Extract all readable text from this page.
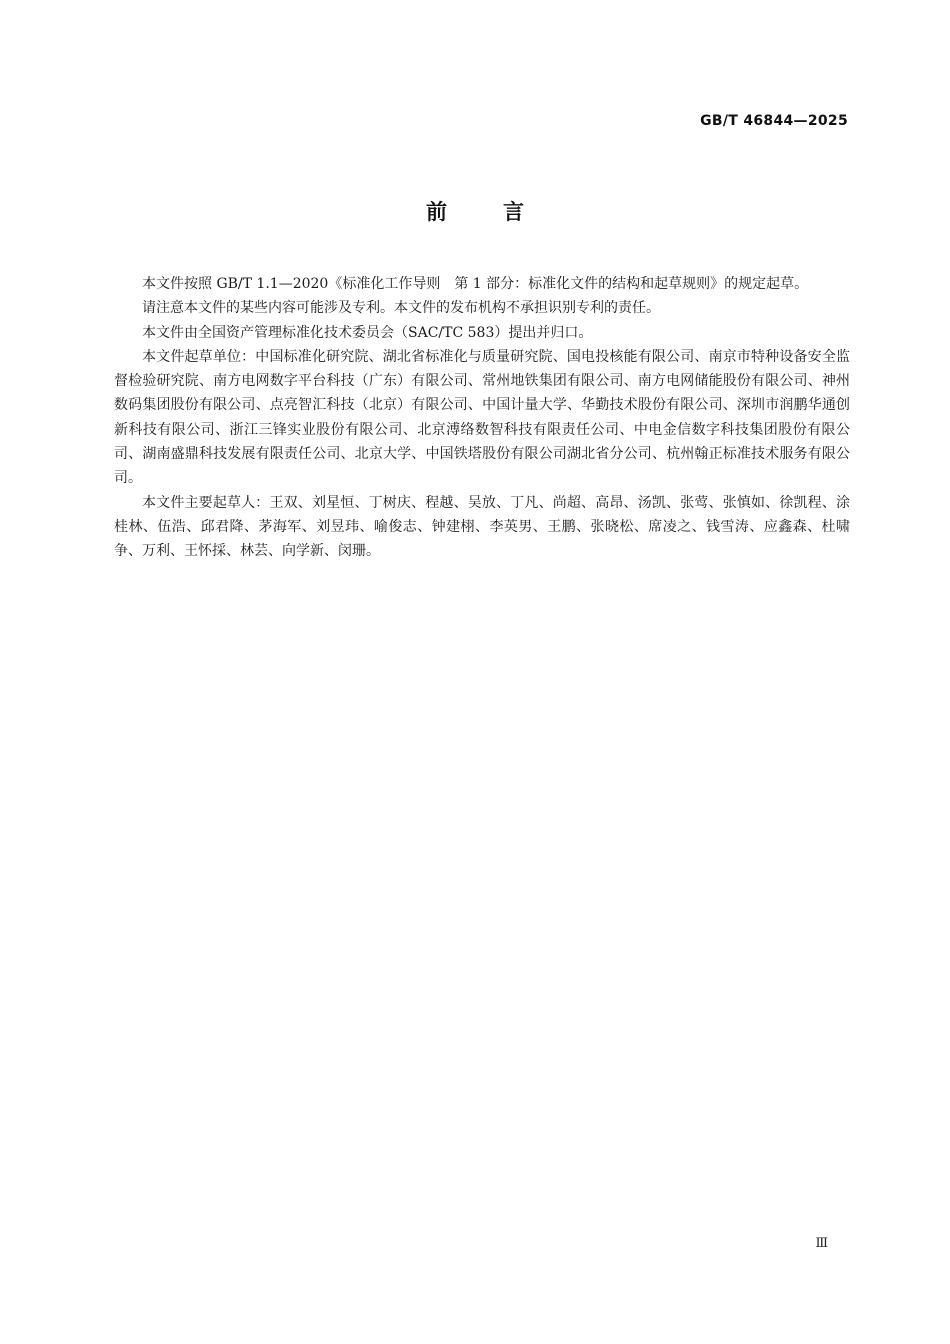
GB/T 46844—2025
前言

本文件按照 GB/T 1.1—2020《标准化工作导则　第 1 部分：标准化文件的结构和起草规则》的规定起草。

请注意本文件的某些内容可能涉及专利。本文件的发布机构不承担识别专利的责任。

本文件由全国资产管理标准化技术委员会（SAC/TC 583）提出并归口。

本文件起草单位：中国标准化研究院、湖北省标准化与质量研究院、国电投核能有限公司、南京市特种设备安全监督检验研究院、南方电网数字平台科技（广东）有限公司、常州地铁集团有限公司、南方电网储能股份有限公司、神州数码集团股份有限公司、点亮智汇科技（北京）有限公司、中国计量大学、华勤技术股份有限公司、深圳市润鹏华通创新科技有限公司、浙江三锋实业股份有限公司、北京溥络数智科技有限责任公司、中电金信数字科技集团股份有限公司、湖南盛鼎科技发展有限责任公司、北京大学、中国铁塔股份有限公司湖北省分公司、杭州翰正标准技术服务有限公司。

本文件主要起草人：王双、刘星恒、丁树庆、程越、吴放、丁凡、尚超、高昂、汤凯、张莺、张慎如、徐凯程、涂桂林、伍浩、邱君降、茅海军、刘昱玮、喻俊志、钟建栩、李英男、王鹏、张晓松、席凌之、钱雪涛、应鑫森、杜啸争、万利、王怀採、林芸、向学新、闵珊。

Ⅲ
